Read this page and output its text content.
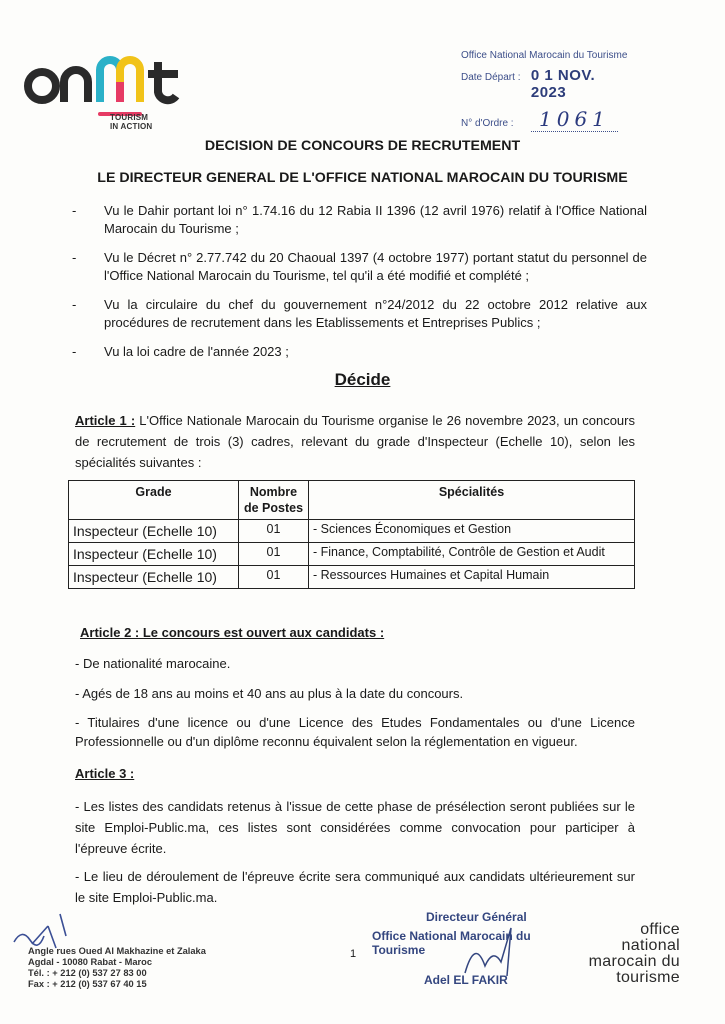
TOURISM
IN ACTION
Office National Marocain du Tourisme
Date Départ : 0 1 NOV. 2023
N° d'Ordre :	1061
DECISION DE CONCOURS DE RECRUTEMENT
LE DIRECTEUR GENERAL DE L'OFFICE NATIONAL MAROCAIN DU TOURISME
- Vu le Dahir portant loi n° 1.74.16 du 12 Rabia II 1396 (12 avril 1976) relatif à l'Office National Marocain du Tourisme ;
- Vu le Décret n° 2.77.742 du 20 Chaoual 1397 (4 octobre 1977) portant statut du personnel de l'Office National Marocain du Tourisme, tel qu'il a été modifié et complété ;
- Vu la circulaire du chef du gouvernement n°24/2012 du 22 octobre 2012 relative aux procédures de recrutement dans les Etablissements et Entreprises Publics ;
- Vu la loi cadre de l'année 2023 ;
Décide
Article 1 : L'Office Nationale Marocain du Tourisme organise le 26 novembre 2023, un concours de recrutement de trois (3) cadres, relevant du grade d'Inspecteur (Echelle 10), selon les spécialités suivantes :
Grade	Nombre de Postes	Spécialités
Inspecteur (Echelle 10)	01	- Sciences Économiques et Gestion
Inspecteur (Echelle 10)	01	- Finance, Comptabilité, Contrôle de Gestion et Audit
Inspecteur (Echelle 10)	01	- Ressources Humaines et Capital Humain
Article 2 : Le concours est ouvert aux candidats :
- De nationalité marocaine.
- Agés de 18 ans au moins et 40 ans au plus à la date du concours.
- Titulaires d'une licence ou d'une Licence des Etudes Fondamentales ou d'une Licence Professionnelle ou d'un diplôme reconnu équivalent selon la réglementation en vigueur.
Article 3 :
- Les listes des candidats retenus à l'issue de cette phase de présélection seront publiées sur le site Emploi-Public.ma, ces listes sont considérées comme convocation pour participer à l'épreuve écrite.
- Le lieu de déroulement de l'épreuve écrite sera communiqué aux candidats ultérieurement sur le site Emploi-Public.ma.
Angle rues Oued Al Makhazine et Zalaka
Agdal - 10080 Rabat - Maroc
Tél. : + 212 (0) 537 27 83 00
Fax : + 212 (0) 537 67 40 15
1
Directeur Général
Office National Marocain du Tourisme
Adel EL FAKIR
office
national
marocain du
tourisme
